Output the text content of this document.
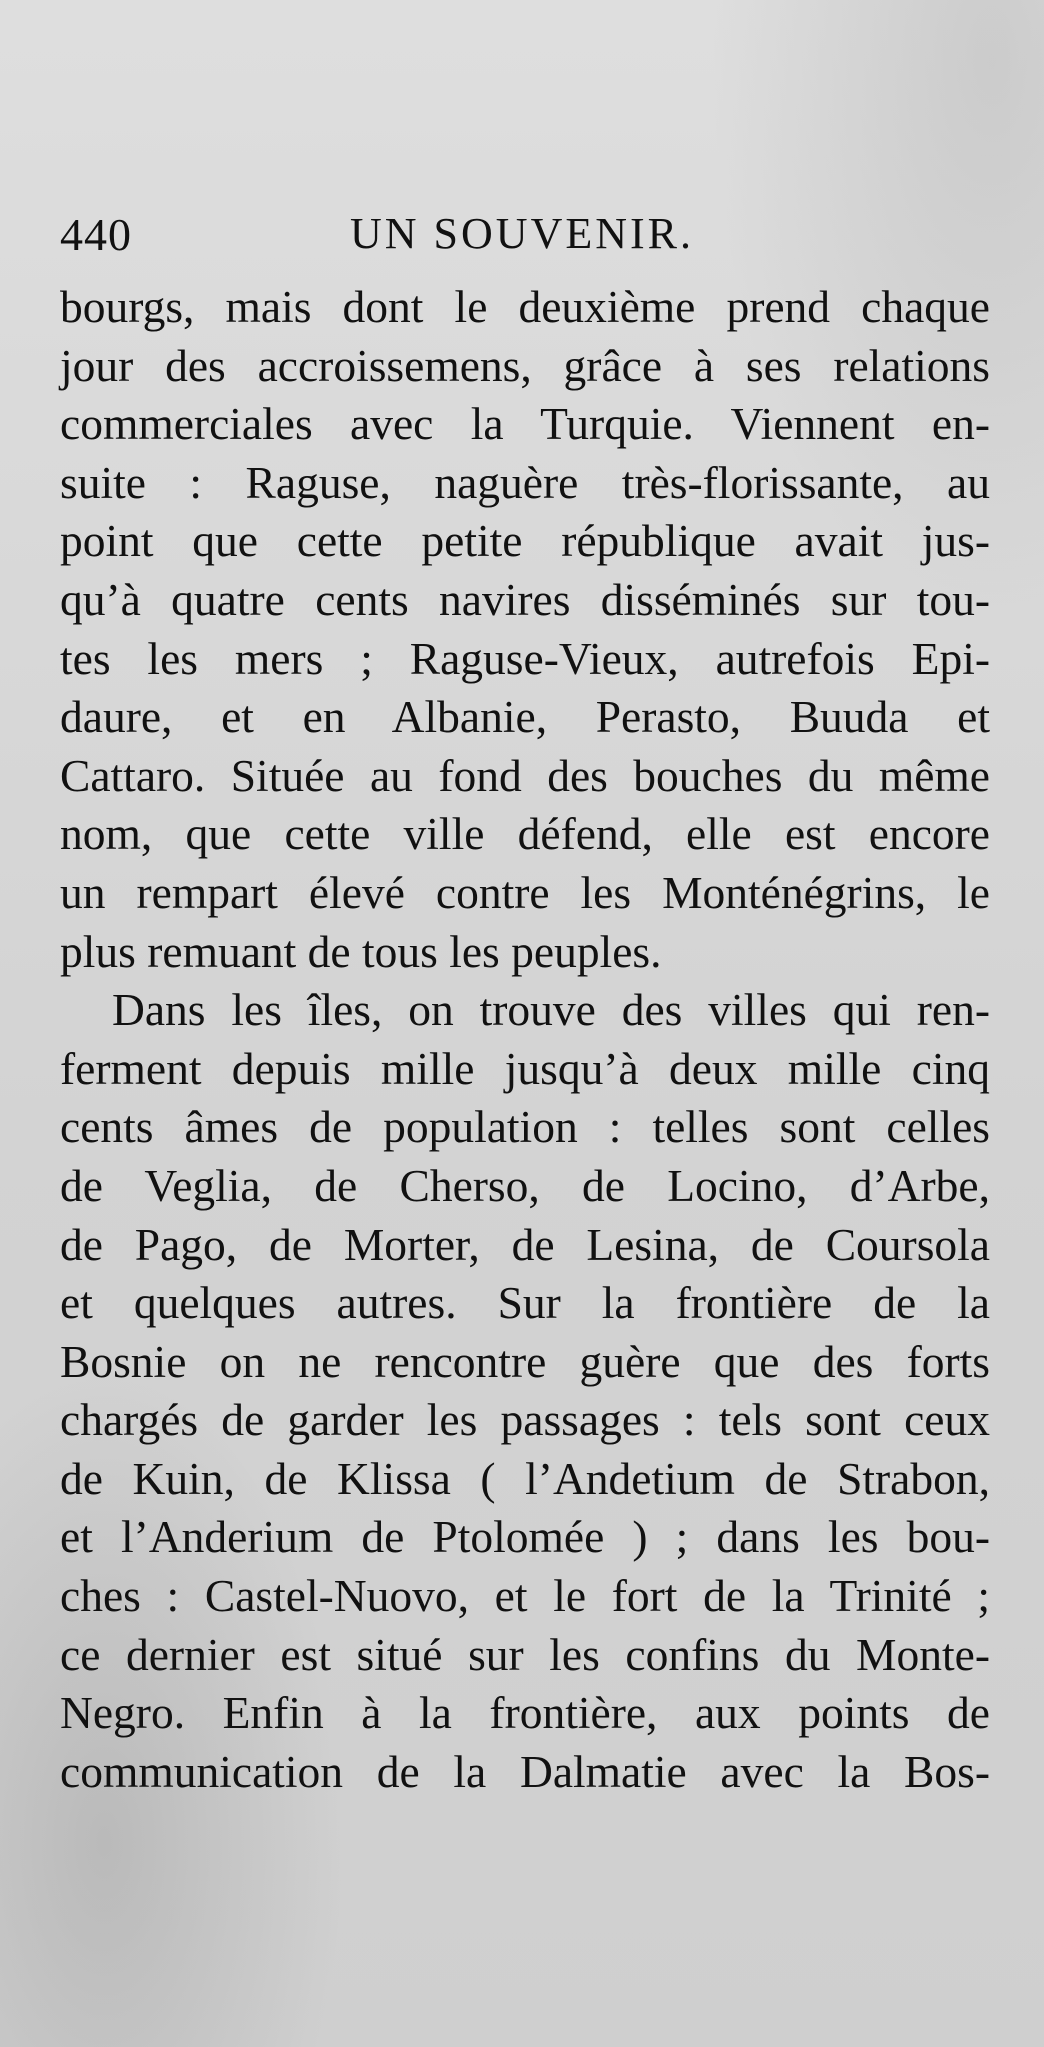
440	UN SOUVENIR.
bourgs, mais dont le deuxième prend chaque
jour des accroissemens, grâce à ses relations
commerciales avec la Turquie. Viennent en-
suite : Raguse, naguère très-florissante, au
point que cette petite république avait jus-
qu’à quatre cents navires disséminés sur tou-
tes les mers ; Raguse-Vieux, autrefois Epi-
daure, et en Albanie, Perasto, Buuda et
Cattaro. Située au fond des bouches du même
nom, que cette ville défend, elle est encore
un rempart élevé contre les Monténégrins, le
plus remuant de tous les peuples.
Dans les îles, on trouve des villes qui ren-
ferment depuis mille jusqu’à deux mille cinq
cents âmes de population : telles sont celles
de Veglia, de Cherso, de Locino, d’Arbe,
de Pago, de Morter, de Lesina, de Coursola
et quelques autres. Sur la frontière de la
Bosnie on ne rencontre guère que des forts
chargés de garder les passages : tels sont ceux
de Kuin, de Klissa ( l’Andetium de Strabon,
et l’Anderium de Ptolomée ) ; dans les bou-
ches : Castel-Nuovo, et le fort de la Trinité ;
ce dernier est situé sur les confins du Monte-
Negro. Enfin à la frontière, aux points de
communication de la Dalmatie avec la Bos-
